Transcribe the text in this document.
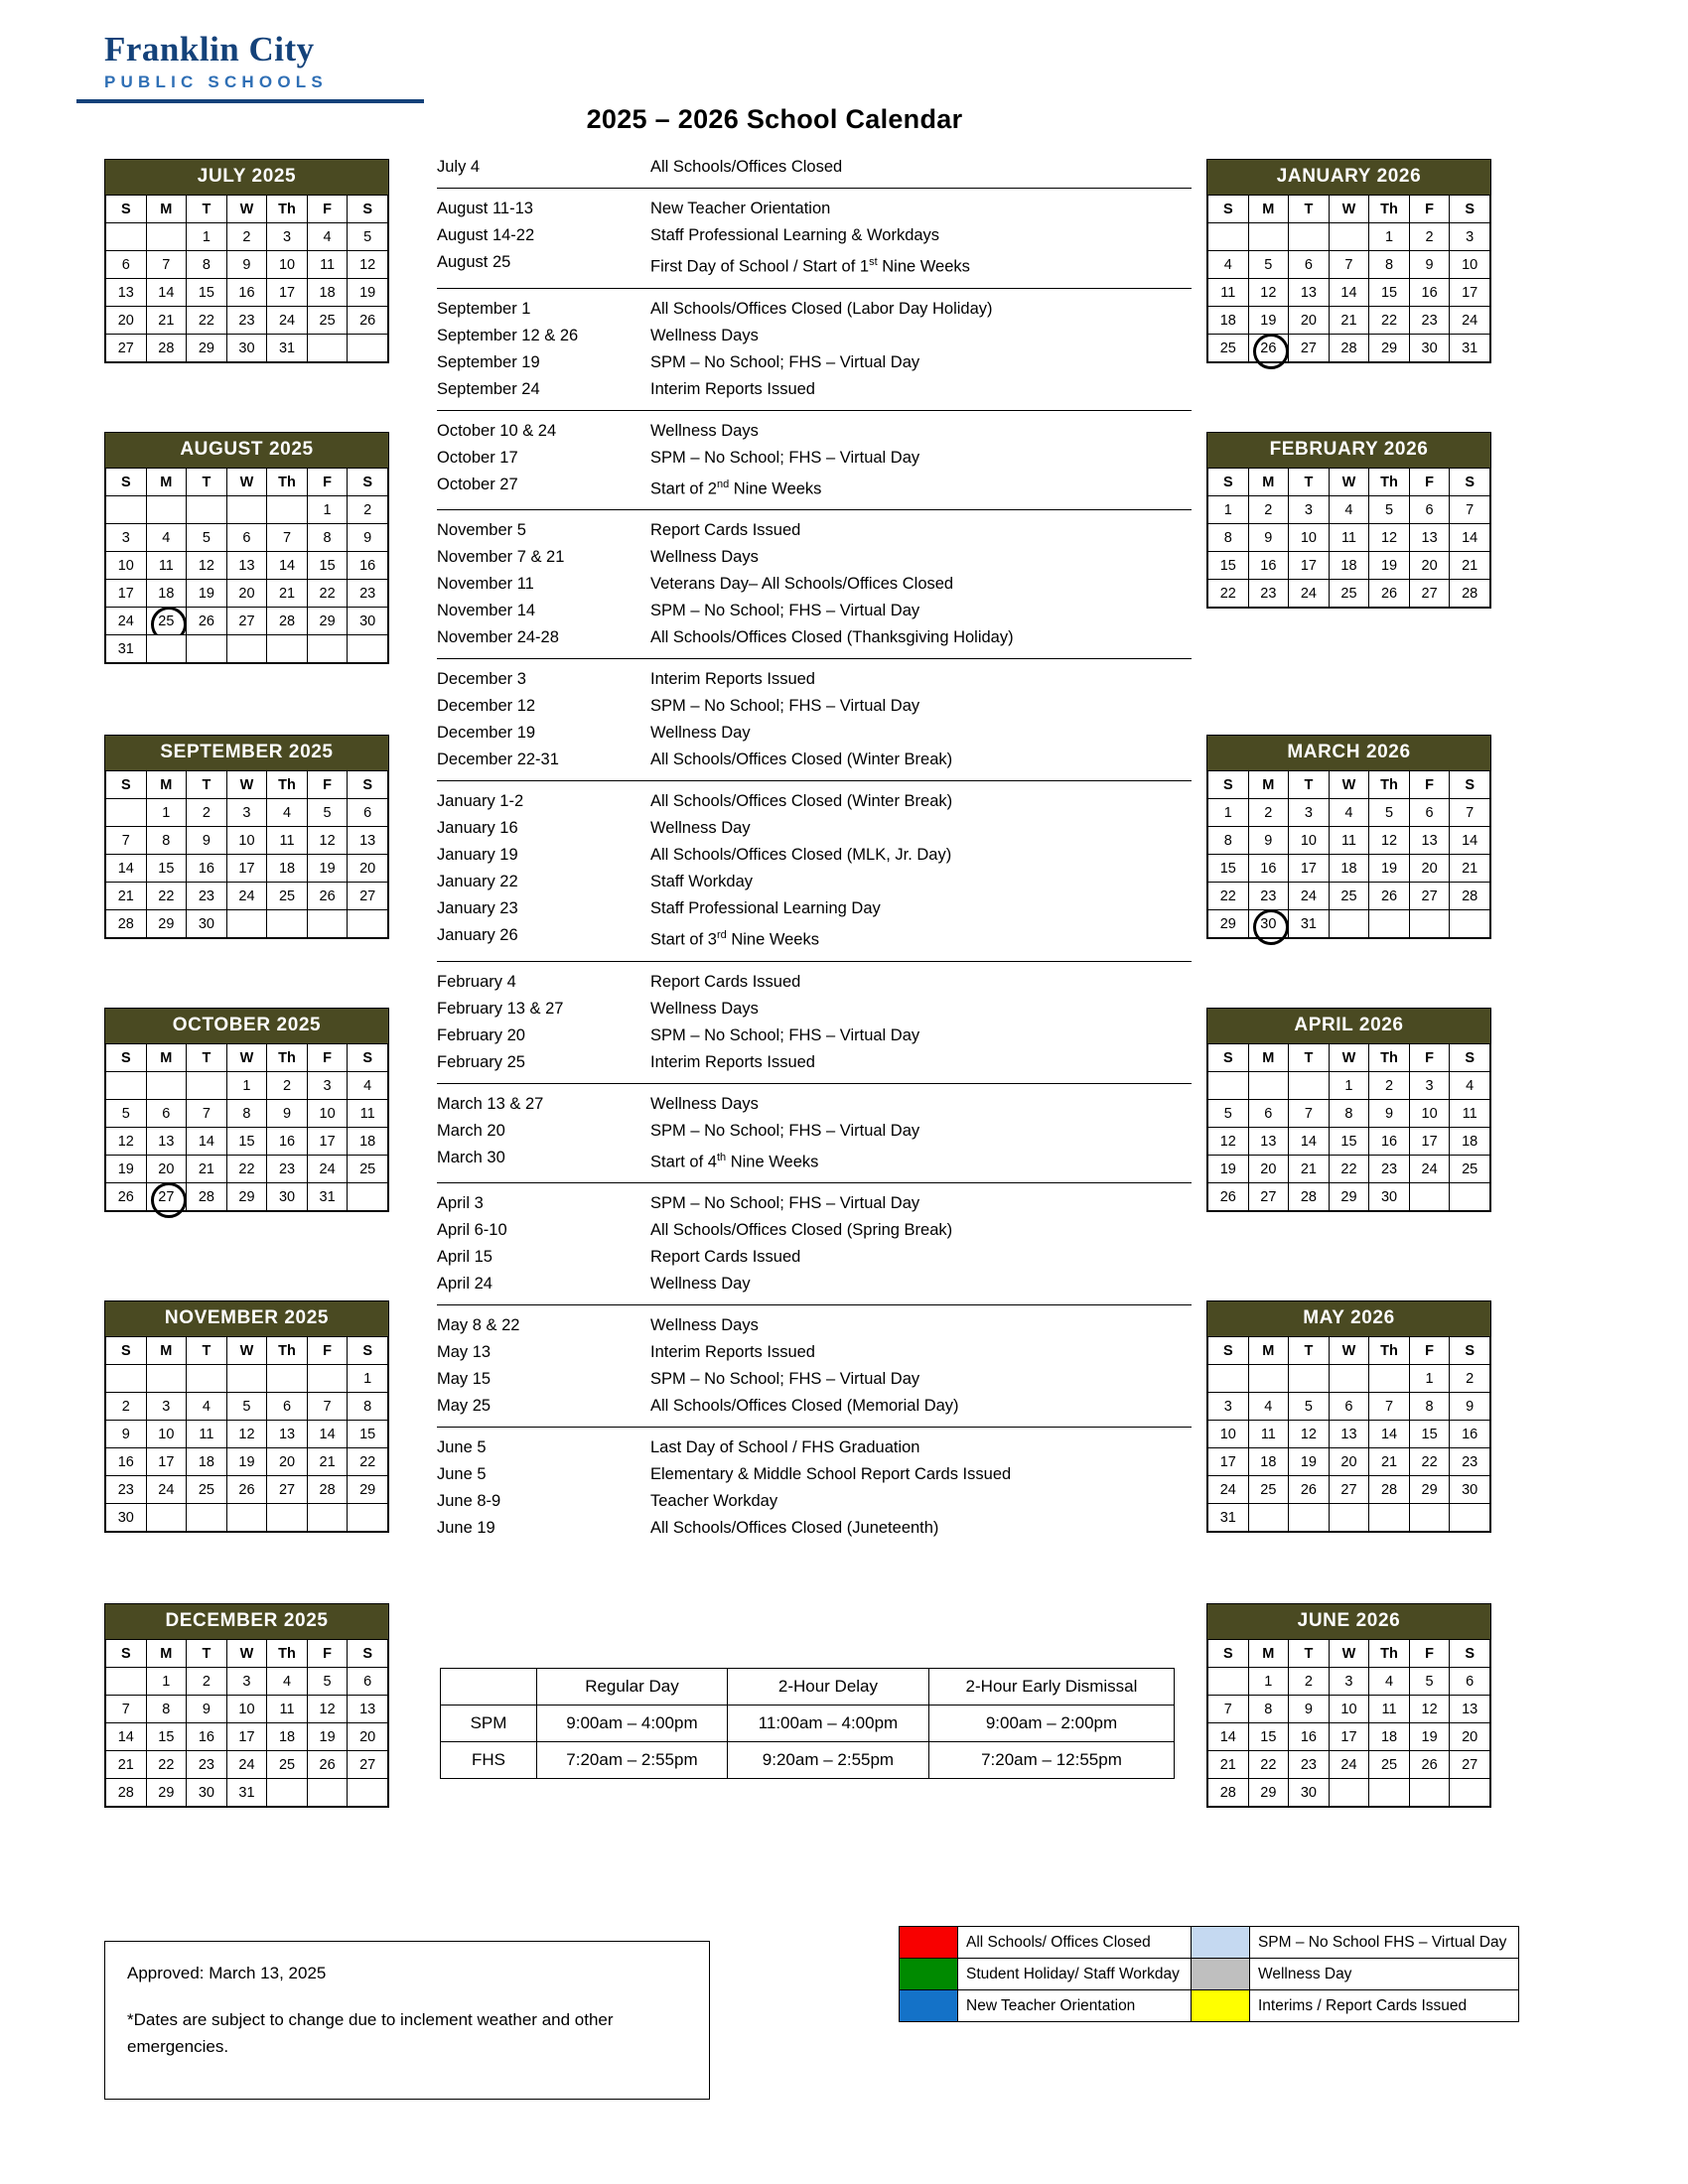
Franklin City
PUBLIC SCHOOLS
2025 – 2026 School Calendar
July 4	All Schools/Offices Closed
August 11-13	New Teacher Orientation
August 14-22	Staff Professional Learning & Workdays
August 25	First Day of School / Start of 1st Nine Weeks
September 1	All Schools/Offices Closed (Labor Day Holiday)
September 12 & 26	Wellness Days
September 19	SPM – No School; FHS – Virtual Day
September 24	Interim Reports Issued
October 10 & 24	Wellness Days
October 17	SPM – No School; FHS – Virtual Day
October 27	Start of 2nd Nine Weeks
November 5	Report Cards Issued
November 7 & 21	Wellness Days
November 11	Veterans Day– All Schools/Offices Closed
November 14	SPM – No School; FHS – Virtual Day
November 24-28	All Schools/Offices Closed (Thanksgiving Holiday)
December 3	Interim Reports Issued
December 12	SPM – No School; FHS – Virtual Day
December 19	Wellness Day
December 22-31	All Schools/Offices Closed (Winter Break)
January 1-2	All Schools/Offices Closed (Winter Break)
January 16	Wellness Day
January 19	All Schools/Offices Closed (MLK, Jr. Day)
January 22	Staff Workday
January 23	Staff Professional Learning Day
January 26	Start of 3rd Nine Weeks
February 4	Report Cards Issued
February 13 & 27	Wellness Days
February 20	SPM – No School; FHS – Virtual Day
February 25	Interim Reports Issued
March 13 & 27	Wellness Days
March 20	SPM – No School; FHS – Virtual Day
March 30	Start of 4th Nine Weeks
April 3	SPM – No School; FHS – Virtual Day
April 6-10	All Schools/Offices Closed (Spring Break)
April 15	Report Cards Issued
April 24	Wellness Day
May 8 & 22	Wellness Days
May 13	Interim Reports Issued
May 15	SPM – No School; FHS – Virtual Day
May 25	All Schools/Offices Closed (Memorial Day)
June 5	Last Day of School / FHS Graduation
June 5	Elementary & Middle School Report Cards Issued
June 8-9	Teacher Workday
June 19	All Schools/Offices Closed (Juneteenth)
	Regular Day	2-Hour Delay	2-Hour Early Dismissal
SPM	9:00am – 4:00pm	11:00am – 4:00pm	9:00am – 2:00pm
FHS	7:20am – 2:55pm	9:20am – 2:55pm	7:20am – 12:55pm
Approved: March 13, 2025
*Dates are subject to change due to inclement weather and other emergencies.
	All Schools/ Offices Closed		SPM – No School FHS – Virtual Day
	Student Holiday/ Staff Workday		Wellness Day
	New Teacher Orientation		Interims / Report Cards Issued
JULY 2025
S	M	T	W	Th	F	S
		1	2	3	4	5
6	7	8	9	10	11	12
13	14	15	16	17	18	19
20	21	22	23	24	25	26
27	28	29	30	31		
AUGUST 2025
S	M	T	W	Th	F	S
					1	2
3	4	5	6	7	8	9
10	11	12	13	14	15	16
17	18	19	20	21	22	23
24	25	26	27	28	29	30
31						
SEPTEMBER 2025
S	M	T	W	Th	F	S
	1	2	3	4	5	6
7	8	9	10	11	12	13
14	15	16	17	18	19	20
21	22	23	24	25	26	27
28	29	30				
OCTOBER 2025
S	M	T	W	Th	F	S
			1	2	3	4
5	6	7	8	9	10	11
12	13	14	15	16	17	18
19	20	21	22	23	24	25
26	27	28	29	30	31	
NOVEMBER 2025
S	M	T	W	Th	F	S
						1
2	3	4	5	6	7	8
9	10	11	12	13	14	15
16	17	18	19	20	21	22
23	24	25	26	27	28	29
30						
DECEMBER 2025
S	M	T	W	Th	F	S
	1	2	3	4	5	6
7	8	9	10	11	12	13
14	15	16	17	18	19	20
21	22	23	24	25	26	27
28	29	30	31			
JANUARY 2026
S	M	T	W	Th	F	S
				1	2	3
4	5	6	7	8	9	10
11	12	13	14	15	16	17
18	19	20	21	22	23	24
25	26	27	28	29	30	31
FEBRUARY 2026
S	M	T	W	Th	F	S
1	2	3	4	5	6	7
8	9	10	11	12	13	14
15	16	17	18	19	20	21
22	23	24	25	26	27	28
MARCH 2026
S	M	T	W	Th	F	S
1	2	3	4	5	6	7
8	9	10	11	12	13	14
15	16	17	18	19	20	21
22	23	24	25	26	27	28
29	30	31				
APRIL 2026
S	M	T	W	Th	F	S
			1	2	3	4
5	6	7	8	9	10	11
12	13	14	15	16	17	18
19	20	21	22	23	24	25
26	27	28	29	30		
MAY 2026
S	M	T	W	Th	F	S
					1	2
3	4	5	6	7	8	9
10	11	12	13	14	15	16
17	18	19	20	21	22	23
24	25	26	27	28	29	30
31						
JUNE 2026
S	M	T	W	Th	F	S
	1	2	3	4	5	6
7	8	9	10	11	12	13
14	15	16	17	18	19	20
21	22	23	24	25	26	27
28	29	30				
